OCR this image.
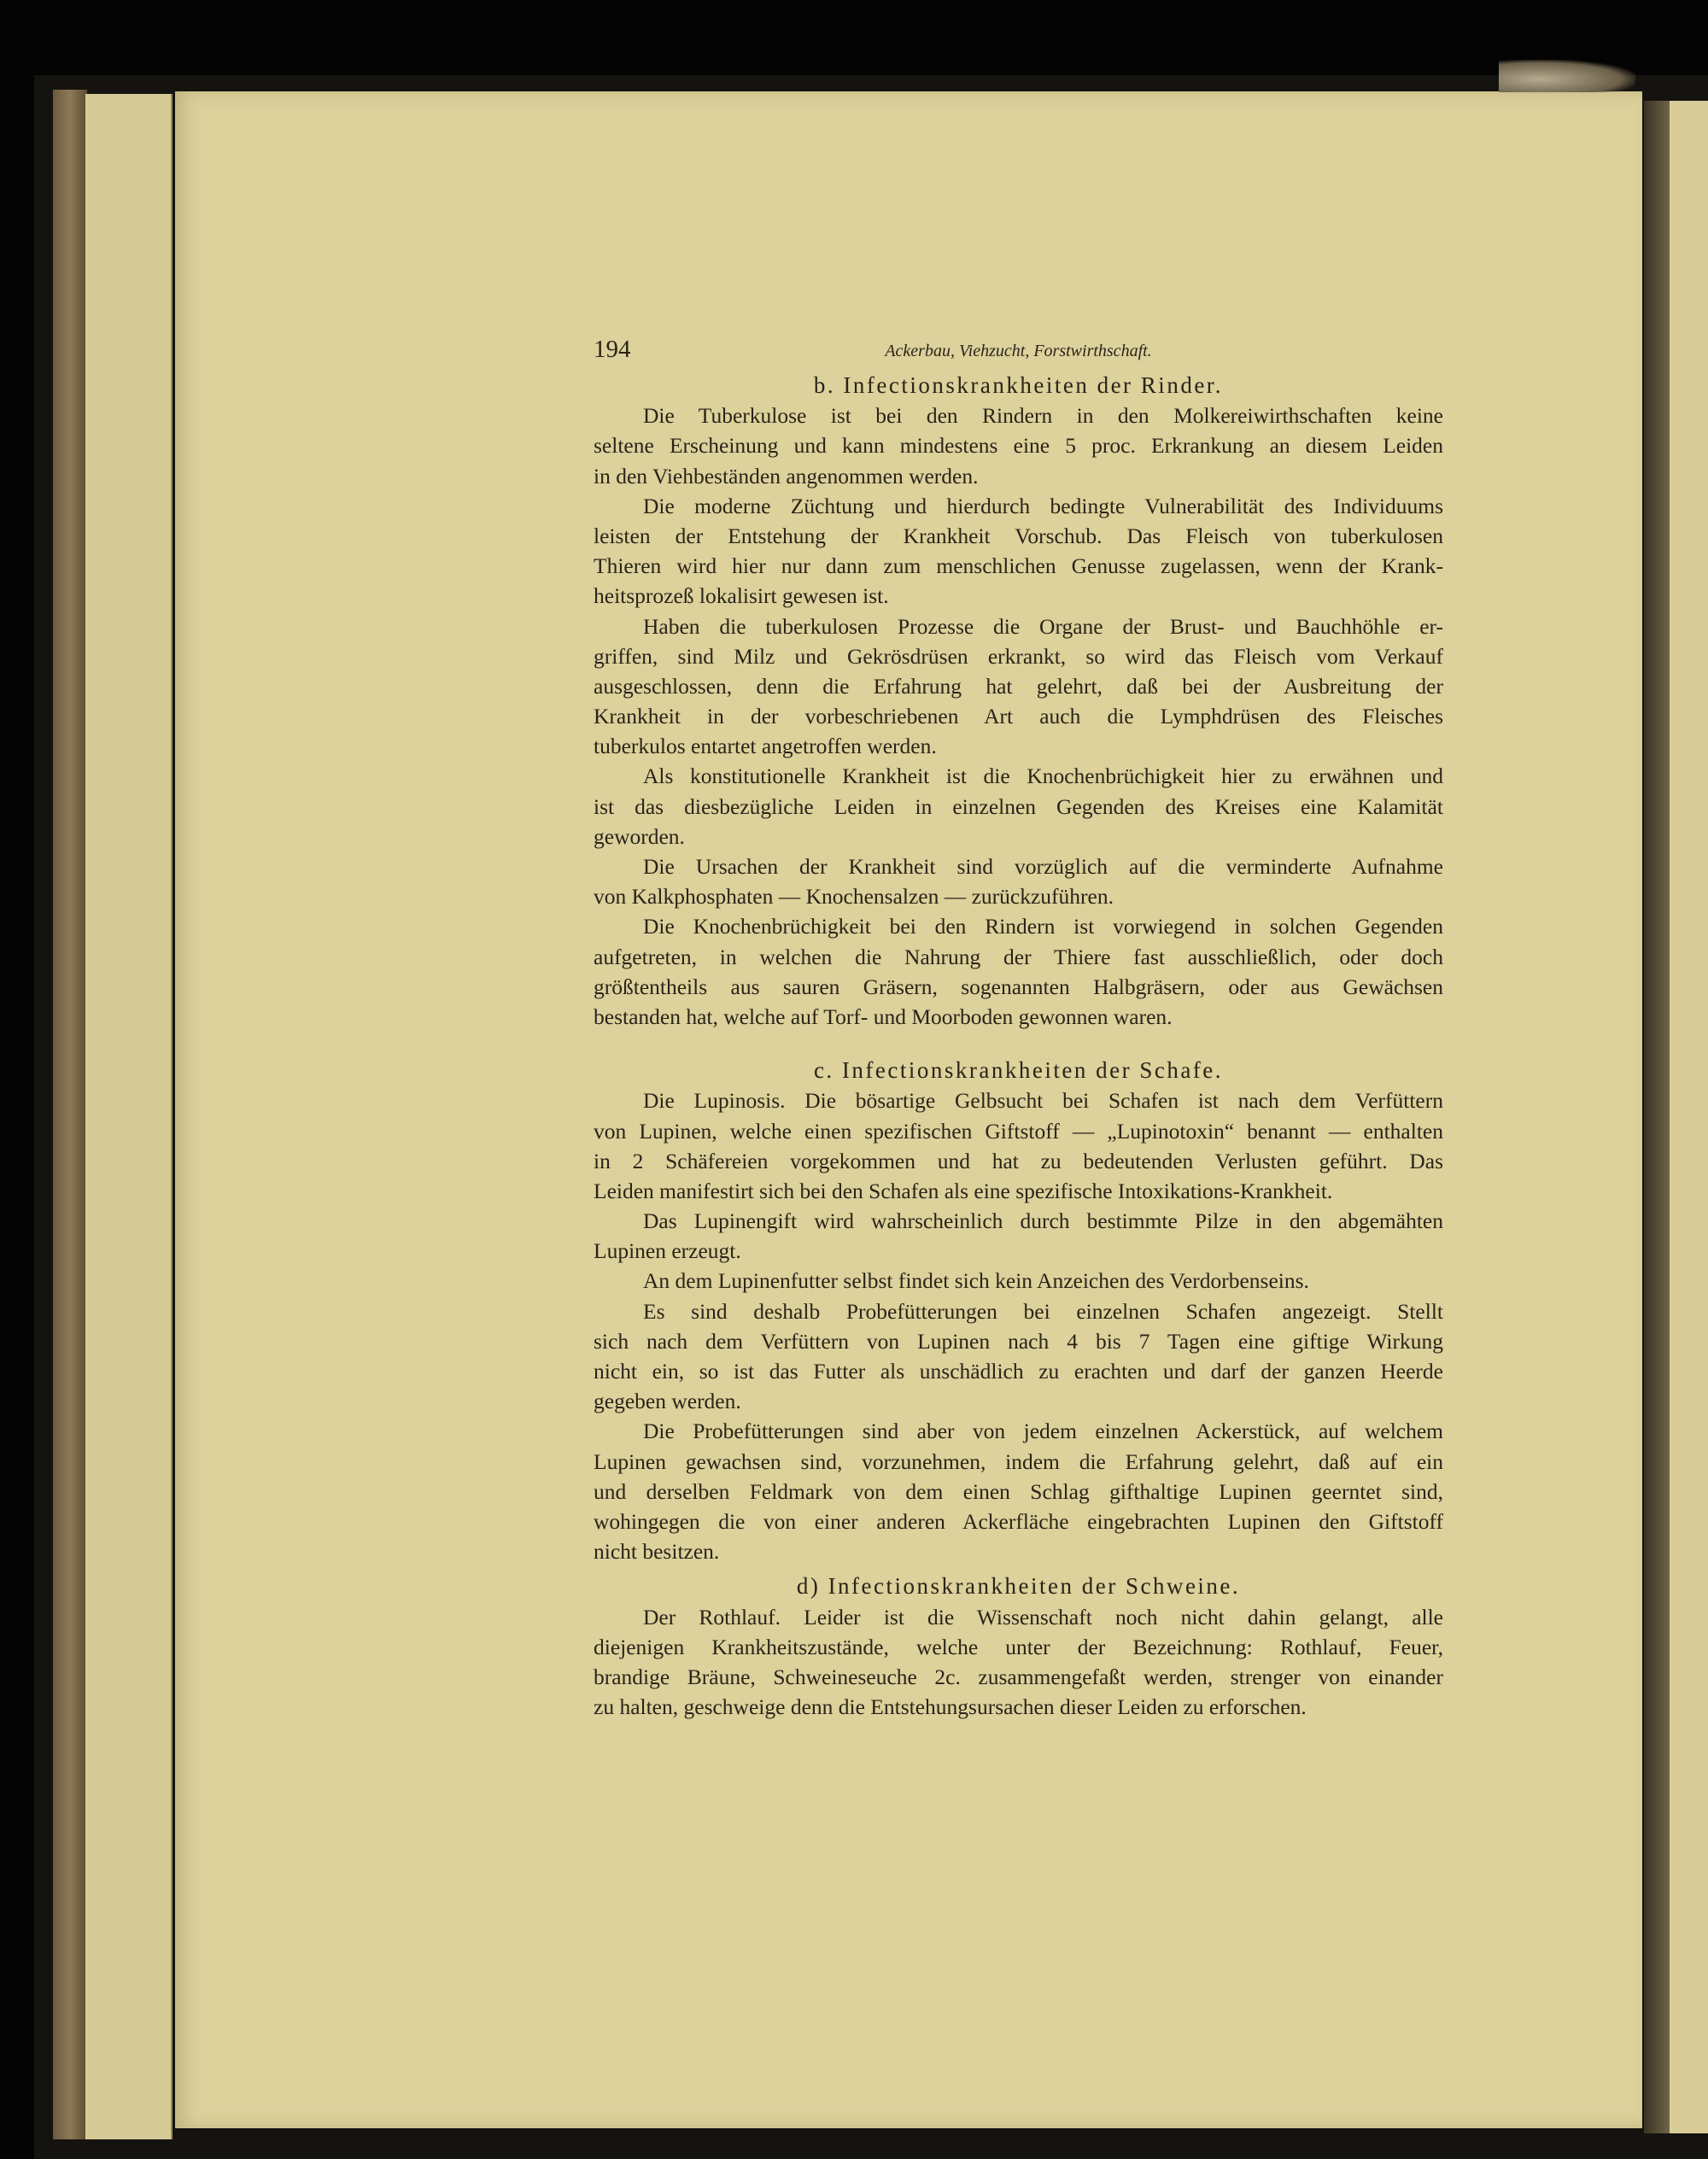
194	Ackerbau, Viehzucht, Forstwirthschaft.
b. Infectionskrankheiten der Rinder.
Die Tuberkulose ist bei den Rindern in den Molkereiwirthschaften keine
seltene Erscheinung und kann mindestens eine 5 proc. Erkrankung an diesem Leiden
in den Viehbeständen angenommen werden.
Die moderne Züchtung und hierdurch bedingte Vulnerabilität des Individuums
leisten der Entstehung der Krankheit Vorschub. Das Fleisch von tuberkulosen
Thieren wird hier nur dann zum menschlichen Genusse zugelassen, wenn der Krank-
heitsprozeß lokalisirt gewesen ist.
Haben die tuberkulosen Prozesse die Organe der Brust- und Bauchhöhle er-
griffen, sind Milz und Gekrösdrüsen erkrankt, so wird das Fleisch vom Verkauf
ausgeschlossen, denn die Erfahrung hat gelehrt, daß bei der Ausbreitung der
Krankheit in der vorbeschriebenen Art auch die Lymphdrüsen des Fleisches
tuberkulos entartet angetroffen werden.
Als konstitutionelle Krankheit ist die Knochenbrüchigkeit hier zu erwähnen und
ist das diesbezügliche Leiden in einzelnen Gegenden des Kreises eine Kalamität
geworden.
Die Ursachen der Krankheit sind vorzüglich auf die verminderte Aufnahme
von Kalkphosphaten — Knochensalzen — zurückzuführen.
Die Knochenbrüchigkeit bei den Rindern ist vorwiegend in solchen Gegenden
aufgetreten, in welchen die Nahrung der Thiere fast ausschließlich, oder doch
größtentheils aus sauren Gräsern, sogenannten Halbgräsern, oder aus Gewächsen
bestanden hat, welche auf Torf- und Moorboden gewonnen waren.
c. Infectionskrankheiten der Schafe.
Die Lupinosis. Die bösartige Gelbsucht bei Schafen ist nach dem Verfüttern
von Lupinen, welche einen spezifischen Giftstoff — „Lupinotoxin“ benannt — enthalten
in 2 Schäfereien vorgekommen und hat zu bedeutenden Verlusten geführt. Das
Leiden manifestirt sich bei den Schafen als eine spezifische Intoxikations-Krankheit.
Das Lupinengift wird wahrscheinlich durch bestimmte Pilze in den abgemähten
Lupinen erzeugt.
An dem Lupinenfutter selbst findet sich kein Anzeichen des Verdorbenseins.
Es sind deshalb Probefütterungen bei einzelnen Schafen angezeigt. Stellt
sich nach dem Verfüttern von Lupinen nach 4 bis 7 Tagen eine giftige Wirkung
nicht ein, so ist das Futter als unschädlich zu erachten und darf der ganzen Heerde
gegeben werden.
Die Probefütterungen sind aber von jedem einzelnen Ackerstück, auf welchem
Lupinen gewachsen sind, vorzunehmen, indem die Erfahrung gelehrt, daß auf ein
und derselben Feldmark von dem einen Schlag gifthaltige Lupinen geerntet sind,
wohingegen die von einer anderen Ackerfläche eingebrachten Lupinen den Giftstoff
nicht besitzen.
d) Infectionskrankheiten der Schweine.
Der Rothlauf. Leider ist die Wissenschaft noch nicht dahin gelangt, alle
diejenigen Krankheitszustände, welche unter der Bezeichnung: Rothlauf, Feuer,
brandige Bräune, Schweineseuche 2c. zusammengefaßt werden, strenger von einander
zu halten, geschweige denn die Entstehungsursachen dieser Leiden zu erforschen.
